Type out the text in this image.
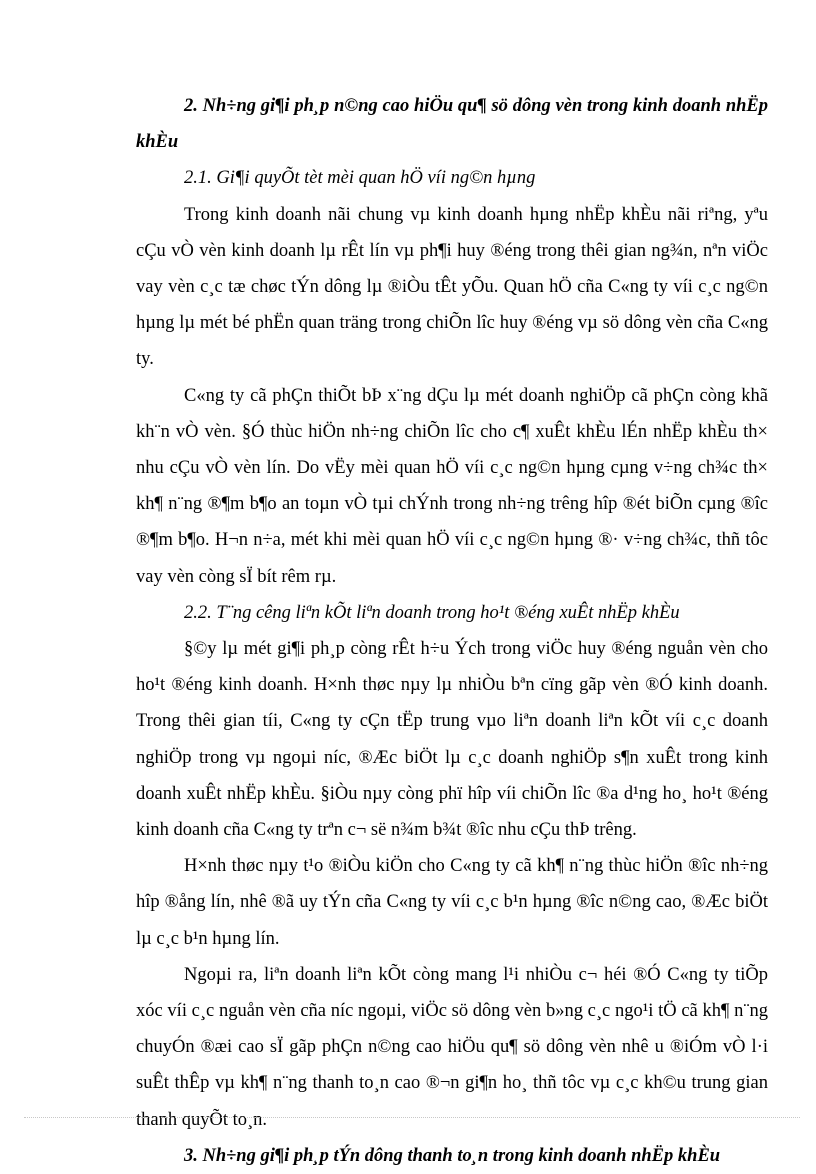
2. Nh÷ng gi¶i ph¸p n©ng cao hiÖu qu¶ sö dông vèn trong kinh doanh nhËp khÈu

2.1. Gi¶i quyÕt tèt mèi quan hÖ víi ng©n hµng

Trong kinh doanh nãi chung vµ kinh doanh hµng nhËp khÈu nãi riªng, yªu cÇu vÒ vèn kinh doanh lµ rÊt lín vµ ph¶i huy ®éng trong thêi gian ng¾n, nªn viÖc vay vèn c¸c tæ chøc tÝn dông lµ ®iÒu tÊt yÕu. Quan hÖ cña C«ng ty víi c¸c ng©n hµng lµ mét bé phËn quan träng trong chiÕn lîc huy ®éng vµ sö dông vèn cña C«ng ty.

C«ng ty cã phÇn thiÕt bÞ x¨ng dÇu lµ mét doanh nghiÖp cã phÇn còng khã kh¨n vÒ vèn. §Ó thùc hiÖn nh÷ng chiÕn lîc cho c¶ xuÊt khÈu lÉn nhËp khÈu th× nhu cÇu vÒ vèn lín. Do vËy mèi quan hÖ víi c¸c ng©n hµng cµng v÷ng ch¾c th× kh¶ n¨ng ®¶m b¶o an toµn vÒ tµi chÝnh trong nh÷ng trêng hîp ®ét biÕn cµng ®îc ®¶m b¶o. H¬n n÷a, mét khi mèi quan hÖ víi c¸c ng©n hµng ®· v÷ng ch¾c, thñ tôc vay vèn còng sÏ bít rêm rµ.

2.2. T¨ng cêng liªn kÕt liªn doanh trong ho¹t ®éng xuÊt nhËp khÈu

§©y lµ mét gi¶i ph¸p còng rÊt h÷u Ých trong viÖc huy ®éng nguån vèn cho ho¹t ®éng kinh doanh. H×nh thøc nµy lµ nhiÒu bªn cïng gãp vèn ®Ó kinh doanh. Trong thêi gian tíi, C«ng ty cÇn tËp trung vµo liªn doanh liªn kÕt víi c¸c doanh nghiÖp trong vµ ngoµi níc, ®Æc biÖt lµ c¸c doanh nghiÖp s¶n xuÊt trong kinh doanh xuÊt nhËp khÈu. §iÒu nµy còng phï hîp víi chiÕn lîc ®a d¹ng ho¸ ho¹t ®éng kinh doanh cña C«ng ty trªn c¬ së n¾m b¾t ®îc nhu cÇu thÞ trêng.

H×nh thøc nµy t¹o ®iÒu kiÖn cho C«ng ty cã kh¶ n¨ng thùc hiÖn ®îc nh÷ng hîp ®ång lín, nhê ®ã uy tÝn cña C«ng ty víi c¸c b¹n hµng ®îc n©ng cao, ®Æc biÖt lµ c¸c b¹n hµng lín.

Ngoµi ra, liªn doanh liªn kÕt còng mang l¹i nhiÒu c¬ héi ®Ó C«ng ty tiÕp xóc víi c¸c nguån vèn cña níc ngoµi, viÖc sö dông vèn b»ng c¸c ngo¹i tÖ cã kh¶ n¨ng chuyÓn ®æi cao sÏ gãp phÇn n©ng cao hiÖu qu¶ sö dông vèn nhê u ®iÓm vÒ l·i suÊt thÊp vµ kh¶ n¨ng thanh to¸n cao ®¬n gi¶n ho¸ thñ tôc vµ c¸c kh©u trung gian thanh quyÕt to¸n.

3. Nh÷ng gi¶i ph¸p tÝn dông thanh to¸n trong kinh doanh nhËp khÈu
